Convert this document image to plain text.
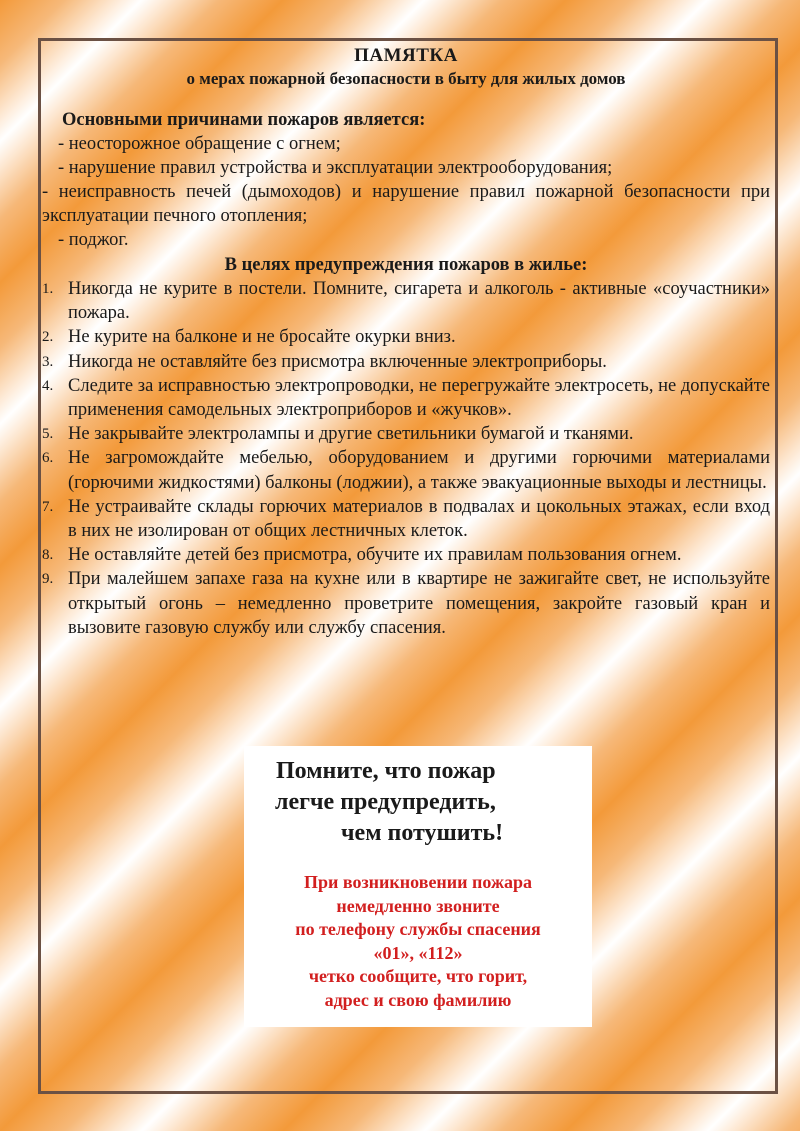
ПАМЯТКА
о мерах пожарной безопасности в быту для жилых домов
Основными причинами пожаров является:
- неосторожное обращение с огнем;
- нарушение правил устройства и эксплуатации электрооборудования;
- неисправность печей (дымоходов) и нарушение правил пожарной безопасности при эксплуатации печного отопления;
- поджог.
В целях предупреждения пожаров в жилье:
1. Никогда не курите в постели. Помните, сигарета и алкоголь - активные «соучастники» пожара.
2. Не курите на балконе и не бросайте окурки вниз.
3. Никогда не оставляйте без присмотра включенные электроприборы.
4. Следите за исправностью электропроводки, не перегружайте электросеть, не допускайте применения самодельных электроприборов и «жучков».
5. Не закрывайте электролампы и другие светильники бумагой и тканями.
6. Не загромождайте мебелью, оборудованием и другими горючими материалами (горючими жидкостями) балконы (лоджии), а также эвакуационные выходы и лестницы.
7. Не устраивайте склады горючих материалов в подвалах и цокольных этажах, если вход в них не изолирован от общих лестничных клеток.
8. Не оставляйте детей без присмотра, обучите их правилам пользования огнем.
9. При малейшем запахе газа на кухне или в квартире не зажигайте свет, не используйте открытый огонь – немедленно проветрите помещения, закройте газовый кран и вызовите газовую службу или службу спасения.
Помните, что пожар
легче предупредить,
чем потушить!
При возникновении пожара
немедленно звоните
по телефону службы спасения
«01», «112»
четко сообщите, что горит,
адрес и свою фамилию
